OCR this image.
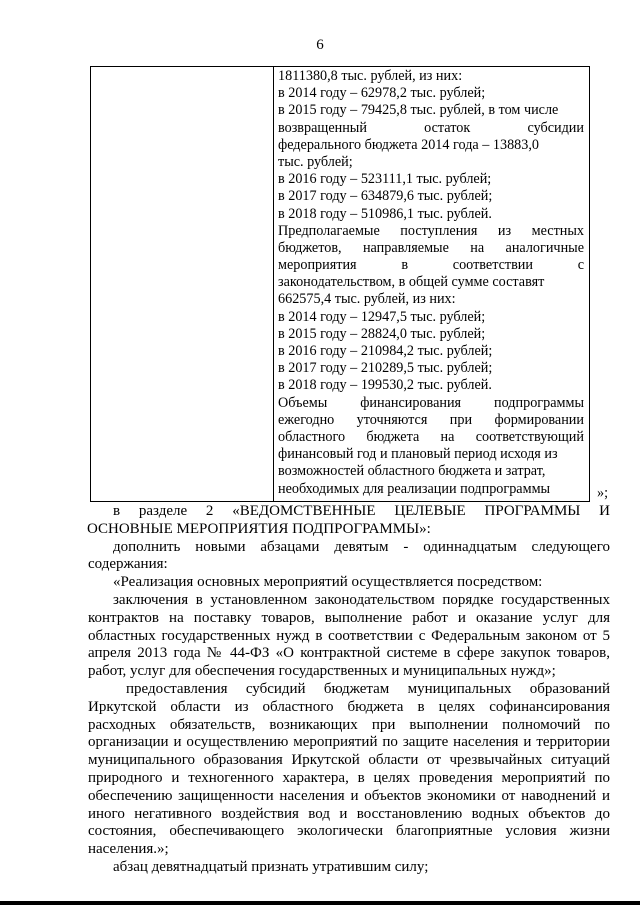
6
1811380,8 тыс. рублей, из них:
в 2014 году – 62978,2 тыс. рублей;
в 2015 году – 79425,8 тыс. рублей, в том числе
возвращенный остаток субсидии
федерального бюджета 2014 года – 13883,0
тыс. рублей;
в 2016 году – 523111,1 тыс. рублей;
в 2017 году – 634879,6 тыс. рублей;
в 2018 году – 510986,1 тыс. рублей.
Предполагаемые поступления из местных
бюджетов, направляемые на аналогичные
мероприятия в соответствии с
законодательством, в общей сумме составят
662575,4 тыс. рублей, из них:
в 2014 году – 12947,5 тыс. рублей;
в 2015 году – 28824,0 тыс. рублей;
в 2016 году – 210984,2 тыс. рублей;
в 2017 году – 210289,5 тыс. рублей;
в 2018 году – 199530,2 тыс. рублей.
Объемы финансирования подпрограммы
ежегодно уточняются при формировании
областного бюджета на соответствующий
финансовый год и плановый период исходя из
возможностей областного бюджета и затрат,
необходимых для реализации подпрограммы	»;
в разделе 2 «ВЕДОМСТВЕННЫЕ ЦЕЛЕВЫЕ ПРОГРАММЫ И
ОСНОВНЫЕ МЕРОПРИЯТИЯ ПОДПРОГРАММЫ»:
дополнить новыми абзацами девятым - одиннадцатым следующего
содержания:
«Реализация основных мероприятий осуществляется посредством:
заключения в установленном законодательством порядке государственных
контрактов на поставку товаров, выполнение работ и оказание услуг для
областных государственных нужд в соответствии с Федеральным законом от 5
апреля 2013 года № 44-ФЗ «О контрактной системе в сфере закупок товаров,
работ, услуг для обеспечения государственных и муниципальных нужд»;
предоставления субсидий бюджетам муниципальных образований
Иркутской области из областного бюджета в целях софинансирования
расходных обязательств, возникающих при выполнении полномочий по
организации и осуществлению мероприятий по защите населения и территории
муниципального образования Иркутской области от чрезвычайных ситуаций
природного и техногенного характера, в целях проведения мероприятий по
обеспечению защищенности населения и объектов экономики от наводнений и
иного негативного воздействия вод и восстановлению водных объектов до
состояния, обеспечивающего экологически благоприятные условия жизни
населения.»;
абзац девятнадцатый признать утратившим силу;
